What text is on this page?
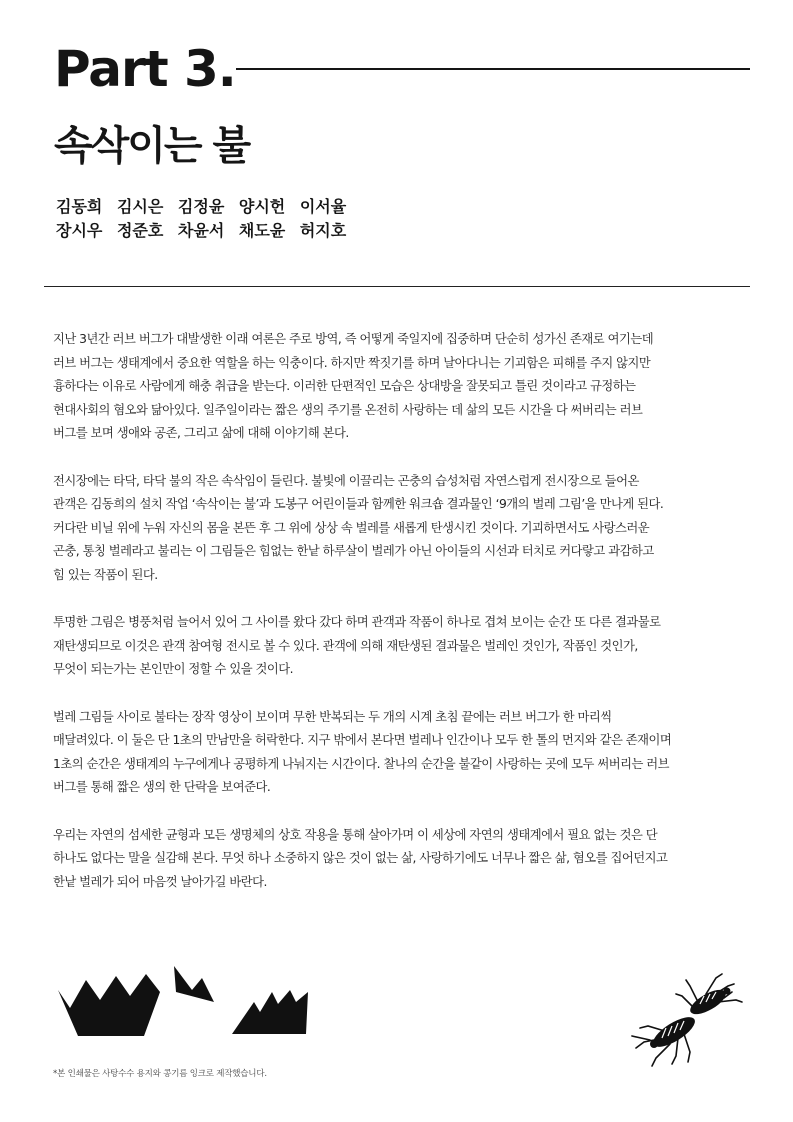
Part 3.
속삭이는 불
김동희 김시은 김정윤 양시헌 이서율
장시우 정준호 차윤서 채도윤 허지호

지난 3년간 러브 버그가 대발생한 이래 여론은 주로 방역, 즉 어떻게 죽일지에 집중하며 단순히 성가신 존재로 여기는데
러브 버그는 생태계에서 중요한 역할을 하는 익충이다. 하지만 짝짓기를 하며 날아다니는 기괴함은 피해를 주지 않지만
흉하다는 이유로 사람에게 해충 취급을 받는다. 이러한 단편적인 모습은 상대방을 잘못되고 틀린 것이라고 규정하는
현대사회의 혐오와 닮아있다. 일주일이라는 짧은 생의 주기를 온전히 사랑하는 데 삶의 모든 시간을 다 써버리는 러브
버그를 보며 생애와 공존, 그리고 삶에 대해 이야기해 본다.

전시장에는 타닥, 타닥 불의 작은 속삭임이 들린다. 불빛에 이끌리는 곤충의 습성처럼 자연스럽게 전시장으로 들어온
관객은 김동희의 설치 작업 ‘속삭이는 불’과 도봉구 어린이들과 함께한 워크숍 결과물인 ‘9개의 벌레 그림’을 만나게 된다.
커다란 비닐 위에 누워 자신의 몸을 본뜬 후 그 위에 상상 속 벌레를 새롭게 탄생시킨 것이다. 기괴하면서도 사랑스러운
곤충, 통칭 벌레라고 불리는 이 그림들은 힘없는 한낱 하루살이 벌레가 아닌 아이들의 시선과 터치로 커다랗고 과감하고
힘 있는 작품이 된다.

투명한 그림은 병풍처럼 늘어서 있어 그 사이를 왔다 갔다 하며 관객과 작품이 하나로 겹쳐 보이는 순간 또 다른 결과물로
재탄생되므로 이것은 관객 참여형 전시로 볼 수 있다. 관객에 의해 재탄생된 결과물은 벌레인 것인가, 작품인 것인가,
무엇이 되는가는 본인만이 정할 수 있을 것이다.

벌레 그림들 사이로 불타는 장작 영상이 보이며 무한 반복되는 두 개의 시계 초침 끝에는 러브 버그가 한 마리씩
매달려있다. 이 둘은 단 1초의 만남만을 허락한다. 지구 밖에서 본다면 벌레나 인간이나 모두 한 톨의 먼지와 같은 존재이며
1초의 순간은 생태계의 누구에게나 공평하게 나눠지는 시간이다. 찰나의 순간을 불같이 사랑하는 곳에 모두 써버리는 러브
버그를 통해 짧은 생의 한 단락을 보여준다.

우리는 자연의 섬세한 균형과 모든 생명체의 상호 작용을 통해 살아가며 이 세상에 자연의 생태계에서 필요 없는 것은 단
하나도 없다는 말을 실감해 본다. 무엇 하나 소중하지 않은 것이 없는 삶, 사랑하기에도 너무나 짧은 삶, 혐오를 집어던지고
한낱 벌레가 되어 마음껏 날아가길 바란다.

*본 인쇄물은 사탕수수 용지와 콩기름 잉크로 제작했습니다.
